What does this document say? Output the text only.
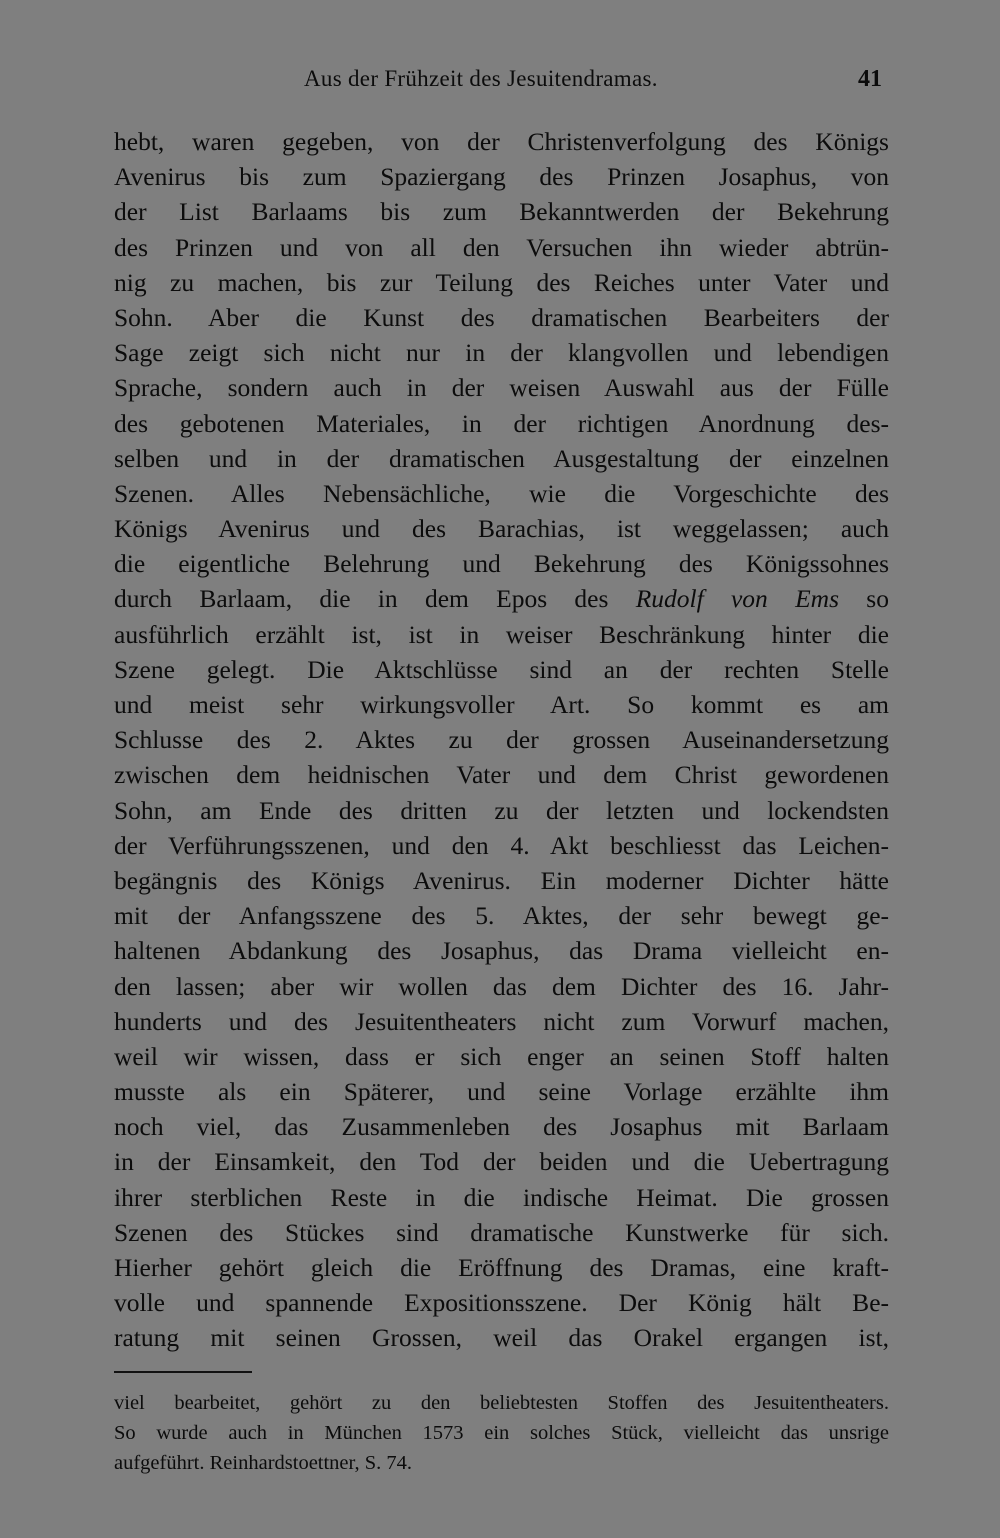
Aus der Frühzeit des Jesuitendramas.	41
hebt, waren gegeben, von der Christenverfolgung des Königs
Avenirus bis zum Spaziergang des Prinzen Josaphus, von
der List Barlaams bis zum Bekanntwerden der Bekehrung
des Prinzen und von all den Versuchen ihn wieder abtrün-
nig zu machen, bis zur Teilung des Reiches unter Vater und
Sohn. Aber die Kunst des dramatischen Bearbeiters der
Sage zeigt sich nicht nur in der klangvollen und lebendigen
Sprache, sondern auch in der weisen Auswahl aus der Fülle
des gebotenen Materiales, in der richtigen Anordnung des-
selben und in der dramatischen Ausgestaltung der einzelnen
Szenen. Alles Nebensächliche, wie die Vorgeschichte des
Königs Avenirus und des Barachias, ist weggelassen; auch
die eigentliche Belehrung und Bekehrung des Königssohnes
durch Barlaam, die in dem Epos des Rudolf von Ems so
ausführlich erzählt ist, ist in weiser Beschränkung hinter die
Szene gelegt. Die Aktschlüsse sind an der rechten Stelle
und meist sehr wirkungsvoller Art. So kommt es am
Schlusse des 2. Aktes zu der grossen Auseinandersetzung
zwischen dem heidnischen Vater und dem Christ gewordenen
Sohn, am Ende des dritten zu der letzten und lockendsten
der Verführungsszenen, und den 4. Akt beschliesst das Leichen-
begängnis des Königs Avenirus. Ein moderner Dichter hätte
mit der Anfangsszene des 5. Aktes, der sehr bewegt ge-
haltenen Abdankung des Josaphus, das Drama vielleicht en-
den lassen; aber wir wollen das dem Dichter des 16. Jahr-
hunderts und des Jesuitentheaters nicht zum Vorwurf machen,
weil wir wissen, dass er sich enger an seinen Stoff halten
musste als ein Späterer, und seine Vorlage erzählte ihm
noch viel, das Zusammenleben des Josaphus mit Barlaam
in der Einsamkeit, den Tod der beiden und die Uebertragung
ihrer sterblichen Reste in die indische Heimat. Die grossen
Szenen des Stückes sind dramatische Kunstwerke für sich.
Hierher gehört gleich die Eröffnung des Dramas, eine kraft-
volle und spannende Expositionsszene. Der König hält Be-
ratung mit seinen Grossen, weil das Orakel ergangen ist,
viel bearbeitet, gehört zu den beliebtesten Stoffen des Jesuitentheaters.
So wurde auch in München 1573 ein solches Stück, vielleicht das unsrige
aufgeführt. Reinhardstoettner, S. 74.
